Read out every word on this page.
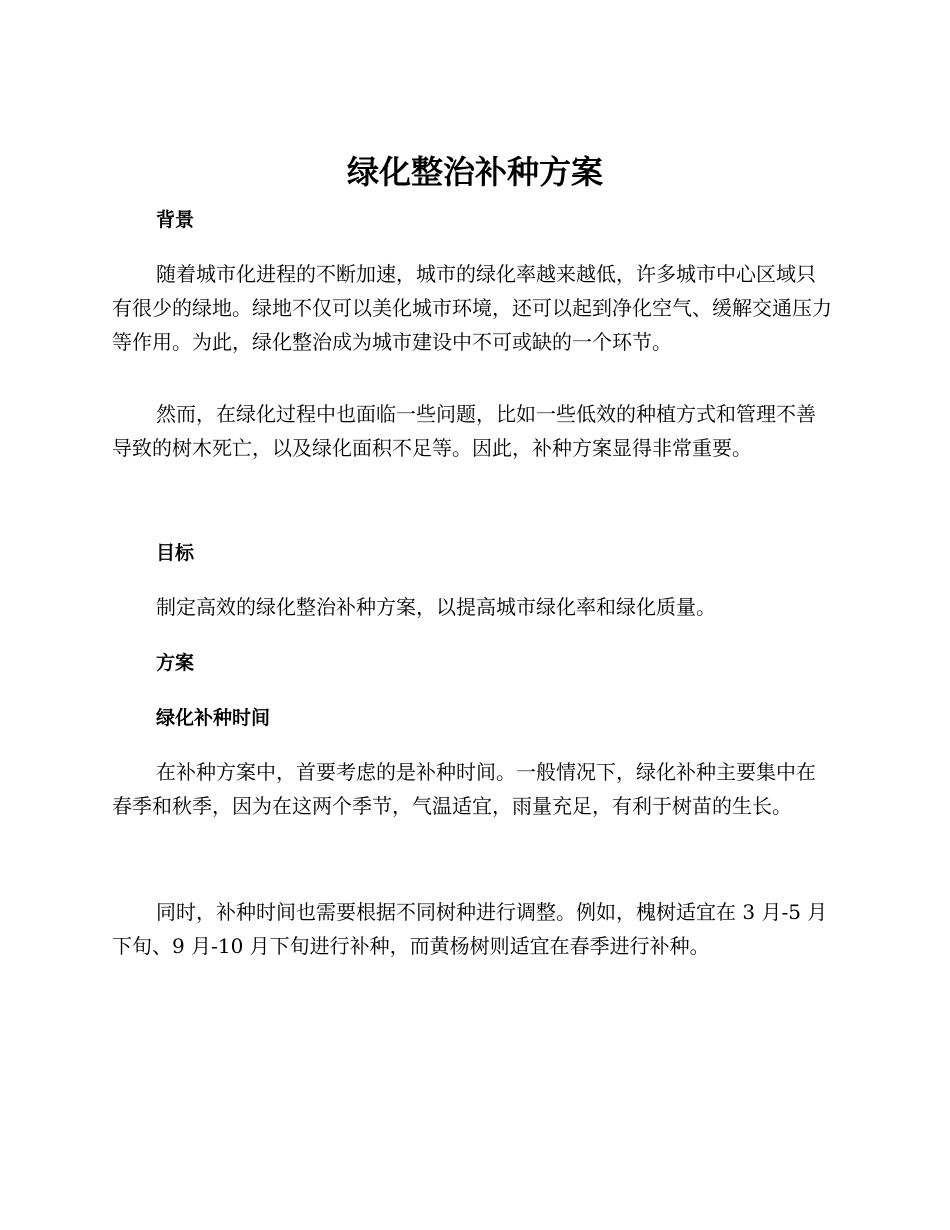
绿化整治补种方案
背景

随着城市化进程的不断加速，城市的绿化率越来越低，许多城市中心区域只有很少的绿地。绿地不仅可以美化城市环境，还可以起到净化空气、缓解交通压力等作用。为此，绿化整治成为城市建设中不可或缺的一个环节。

然而，在绿化过程中也面临一些问题，比如一些低效的种植方式和管理不善导致的树木死亡，以及绿化面积不足等。因此，补种方案显得非常重要。

目标

制定高效的绿化整治补种方案，以提高城市绿化率和绿化质量。

方案
绿化补种时间

在补种方案中，首要考虑的是补种时间。一般情况下，绿化补种主要集中在春季和秋季，因为在这两个季节，气温适宜，雨量充足，有利于树苗的生长。

同时，补种时间也需要根据不同树种进行调整。例如，槐树适宜在 3 月-5 月下旬、9 月-10 月下旬进行补种，而黄杨树则适宜在春季进行补种。
